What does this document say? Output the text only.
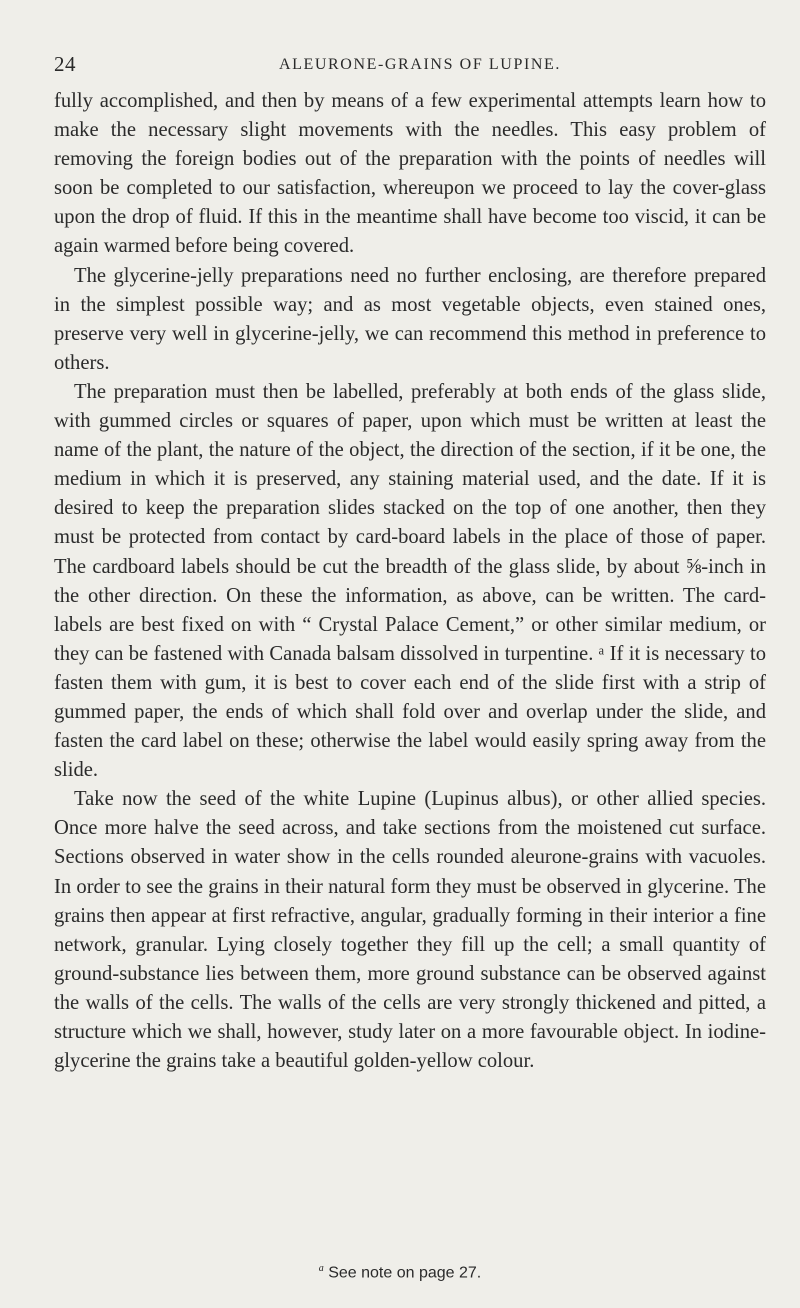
24	ALEURONE-GRAINS OF LUPINE.

fully accomplished, and then by means of a few experimental attempts learn how to make the necessary slight movements with the needles. This easy problem of removing the foreign bodies out of the preparation with the points of needles will soon be completed to our satisfaction, whereupon we proceed to lay the cover-glass upon the drop of fluid. If this in the meantime shall have become too viscid, it can be again warmed before being covered.

The glycerine-jelly preparations need no further enclosing, are therefore prepared in the simplest possible way; and as most vegetable objects, even stained ones, preserve very well in glycerine-jelly, we can recommend this method in preference to others.

The preparation must then be labelled, preferably at both ends of the glass slide, with gummed circles or squares of paper, upon which must be written at least the name of the plant, the nature of the object, the direction of the section, if it be one, the medium in which it is preserved, any staining material used, and the date. If it is desired to keep the preparation slides stacked on the top of one another, then they must be protected from contact by card-board labels in the place of those of paper. The cardboard labels should be cut the breadth of the glass slide, by about ⅝-inch in the other direction. On these the information, as above, can be written. The card-labels are best fixed on with “ Crystal Palace Cement,” or other similar medium, or they can be fastened with Canada balsam dissolved in turpentine. ᵃ If it is necessary to fasten them with gum, it is best to cover each end of the slide first with a strip of gummed paper, the ends of which shall fold over and overlap under the slide, and fasten the card label on these; otherwise the label would easily spring away from the slide.

Take now the seed of the white Lupine (Lupinus albus), or other allied species. Once more halve the seed across, and take sections from the moistened cut surface. Sections observed in water show in the cells rounded aleurone-grains with vacuoles. In order to see the grains in their natural form they must be observed in glycerine. The grains then appear at first refractive, angular, gradually forming in their interior a fine network, granular. Lying closely together they fill up the cell; a small quantity of ground-substance lies between them, more ground substance can be observed against the walls of the cells. The walls of the cells are very strongly thickened and pitted, a structure which we shall, however, study later on a more favourable object. In iodine-glycerine the grains take a beautiful golden-yellow colour.

$^a$ See note on page 27.
